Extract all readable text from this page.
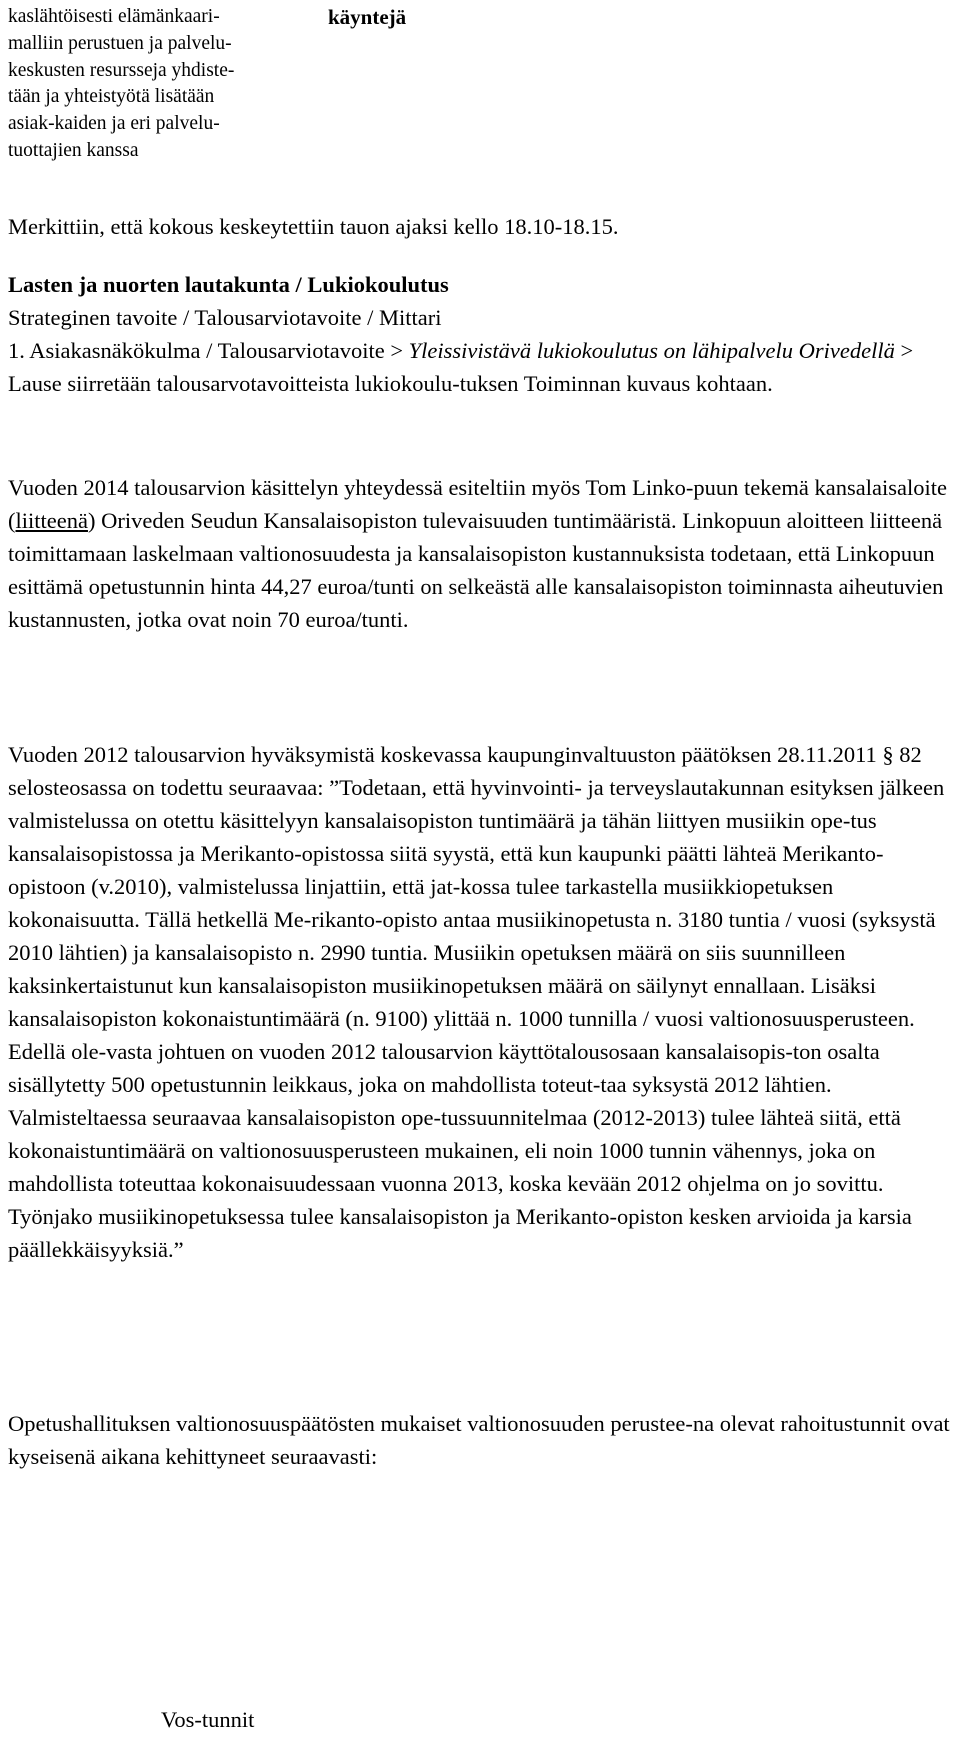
kaslähtöisesti elämänkaari-
malliin perustuen ja palvelu-
keskusten resursseja yhdiste-
tään ja yhteistyötä lisätään
asiak-kaiden ja eri palvelu-
tuottajien kanssa
käyntejä

Merkittiin, että kokous keskeytettiin tauon ajaksi kello 18.10-18.15.

Lasten ja nuorten lautakunta / Lukiokoulutus

Strateginen tavoite / Talousarviotavoite / Mittari

1. Asiakasnäkökulma / Talousarviotavoite > Yleissivistävä lukiokoulutus on lähipalvelu Orivedellä > Lause siirretään talousarvotavoitteista lukiokoulu-tuksen Toiminnan kuvaus kohtaan.

Vuoden 2014 talousarvion käsittelyn yhteydessä esiteltiin myös Tom Linko-puun tekemä kansalaisaloite (liitteenä) Oriveden Seudun Kansalaisopiston tulevaisuuden tuntimääristä. Linkopuun aloitteen liitteenä toimittamaan laskelmaan valtionosuudesta ja kansalaisopiston kustannuksista todetaan, että Linkopuun esittämä opetustunnin hinta 44,27 euroa/tunti on selkeästä alle kansalaisopiston toiminnasta aiheutuvien kustannusten, jotka ovat noin 70 euroa/tunti.

Vuoden 2012 talousarvion hyväksymistä koskevassa kaupunginvaltuuston päätöksen 28.11.2011 § 82 selosteosassa on todettu seuraavaa: ”Todetaan, että hyvinvointi- ja terveyslautakunnan esityksen jälkeen valmistelussa on otettu käsittelyyn kansalaisopiston tuntimäärä ja tähän liittyen musiikin ope-tus kansalaisopistossa ja Merikanto-opistossa siitä syystä, että kun kaupunki päätti lähteä Merikanto-opistoon (v.2010), valmistelussa linjattiin, että jat-kossa tulee tarkastella musiikkiopetuksen kokonaisuutta. Tällä hetkellä Me-rikanto-opisto antaa musiikinopetusta n. 3180 tuntia / vuosi (syksystä 2010 lähtien) ja kansalaisopisto n. 2990 tuntia. Musiikin opetuksen määrä on siis suunnilleen kaksinkertaistunut kun kansalaisopiston musiikinopetuksen määrä on säilynyt ennallaan. Lisäksi kansalaisopiston kokonaistuntimäärä (n. 9100) ylittää n. 1000 tunnilla / vuosi valtionosuusperusteen. Edellä ole-vasta johtuen on vuoden 2012 talousarvion käyttötalousosaan kansalaisopis-ton osalta sisällytetty 500 opetustunnin leikkaus, joka on mahdollista toteut-taa syksystä 2012 lähtien. Valmisteltaessa seuraavaa kansalaisopiston ope-tussuunnitelmaa (2012-2013) tulee lähteä siitä, että kokonaistuntimäärä on valtionosuusperusteen mukainen, eli noin 1000 tunnin vähennys, joka on mahdollista toteuttaa kokonaisuudessaan vuonna 2013, koska kevään 2012 ohjelma on jo sovittu. Työnjako musiikinopetuksessa tulee kansalaisopiston ja Merikanto-opiston kesken arvioida ja karsia päällekkäisyyksiä.”

Opetushallituksen valtionosuuspäätösten mukaiset valtionosuuden perustee-na olevat rahoitustunnit ovat kyseisenä aikana kehittyneet seuraavasti:

Vos-tunnit
